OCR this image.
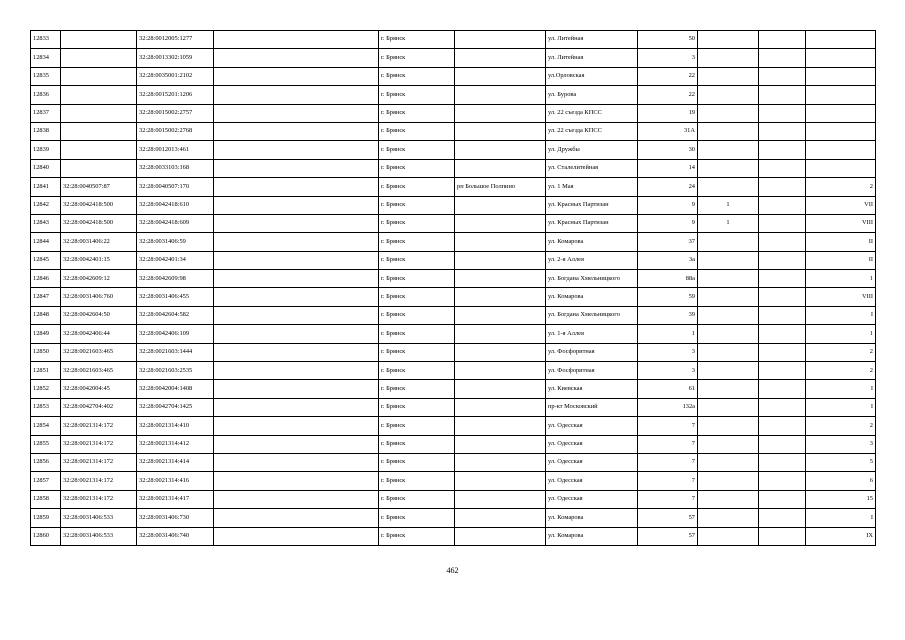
12833		32:28:0012005:1277		г. Брянск		ул. Литейная	50			
12834		32:28:0013302:1059		г. Брянск		ул. Литейная	3			
12835		32:28:0035001:2102		г. Брянск		ул.Орловская	22			
12836		32:28:0015201:1206		г. Брянск		ул. Бурова	22			
12837		32:28:0015002:2757		г. Брянск		ул. 22 съезда КПСС	19			
12838		32:28:0015002:2768		г. Брянск		ул. 22 съезда КПСС	31А			
12839		32:28:0012013:461		г. Брянск		ул. Дружбы	30			
12840		32:28:0033103:168		г. Брянск		ул. Сталелитейная	14			
12841	32:28:0040507:87	32:28:0040507:170		г. Брянск	рп Большое Полпино	ул. 1 Мая	24			2
12842	32:28:0042418:500	32:28:0042418:610		г. Брянск		ул. Красных Партизан	9	1		VII
12843	32:28:0042418:500	32:28:0042418:609		г. Брянск		ул. Красных Партизан	9	1		VIII
12844	32:28:0031406:22	32:28:0031406:59		г. Брянск		ул. Комарова	37			II
12845	32:28:0042401:15	32:28:0042401:34		г. Брянск		ул. 2-я Аллея	3а			II
12846	32:28:0042609:12	32:28:0042609:98		г. Брянск		ул. Богдана Хмельницкого	88а			1
12847	32:28:0031406:760	32:28:0031406:455		г. Брянск		ул. Комарова	59			VIII
12848	32:28:0042604:50	32:28:0042604:582		г. Брянск		ул. Богдана Хмельницкого	39			I
12849	32:28:0042406:44	32:28:0042406:109		г. Брянск		ул. 1-я Аллея	1			1
12850	32:28:0021603:465	32:28:0021603:1444		г. Брянск		ул. Фосфоритная	3			2
12851	32:28:0021603:465	32:28:0021603:2535		г. Брянск		ул. Фосфоритная	3			2
12852	32:28:0042004:45	32:28:0042004:1408		г. Брянск		ул. Киевская	61			I
12853	32:28:0042704:402	32:28:0042704:1425		г. Брянск		пр-кт Московский	132а			I
12854	32:28:0021314:172	32:28:0021314:410		г. Брянск		ул. Одесская	7			2
12855	32:28:0021314:172	32:28:0021314:412		г. Брянск		ул. Одесская	7			3
12856	32:28:0021314:172	32:28:0021314:414		г. Брянск		ул. Одесская	7			5
12857	32:28:0021314:172	32:28:0021314:416		г. Брянск		ул. Одесская	7			6
12858	32:28:0021314:172	32:28:0021314:417		г. Брянск		ул. Одесская	7			15
12859	32:28:0031406:533	32:28:0031406:730		г. Брянск		ул. Комарова	57			I
12860	32:28:0031406:533	32:28:0031406:740		г. Брянск		ул. Комарова	57			IX
462
